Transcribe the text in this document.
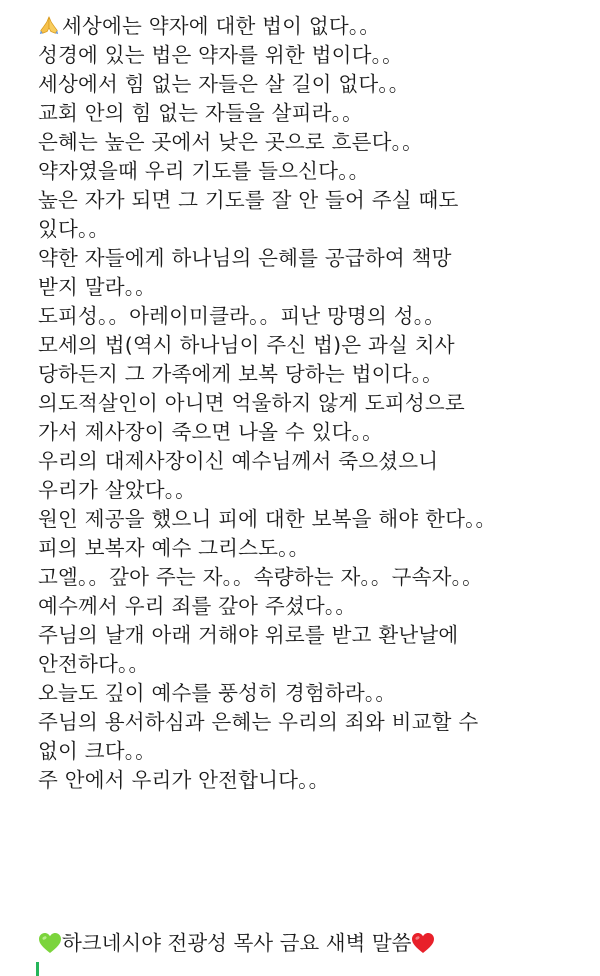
세상에는 약자에 대한 법이 없다。。
성경에 있는 법은 약자를 위한 법이다。。
세상에서 힘 없는 자들은 살 길이 없다。。
교회 안의 힘 없는 자들을 살피라。。
은혜는 높은 곳에서 낮은 곳으로 흐른다。。
약자였을때 우리 기도를 들으신다。。
높은 자가 되면 그 기도를 잘 안 들어 주실 때도
있다。。
약한 자들에게 하나님의 은혜를 공급하여 책망
받지 말라。。
도피성。。아레이미클라。。피난 망명의 성。。
모세의 법(역시 하나님이 주신 법)은 과실 치사
당하든지 그 가족에게 보복 당하는 법이다。。
의도적살인이 아니면 억울하지 않게 도피성으로
가서 제사장이 죽으면 나올 수 있다。。
우리의 대제사장이신 예수님께서 죽으셨으니
우리가 살았다。。
원인 제공을 했으니 피에 대한 보복을 해야 한다。。
피의 보복자 예수 그리스도。。
고엘。。갚아 주는 자。。속량하는 자。。구속자。。
예수께서 우리 죄를 갚아 주셨다。。
주님의 날개 아래 거해야 위로를 받고 환난날에
안전하다。。
오늘도 깊이 예수를 풍성히 경험하라。。
주님의 용서하심과 은혜는 우리의 죄와 비교할 수
없이 크다。。
주 안에서 우리가 안전합니다。。
하크네시야 전광성 목사 금요 새벽 말씀
